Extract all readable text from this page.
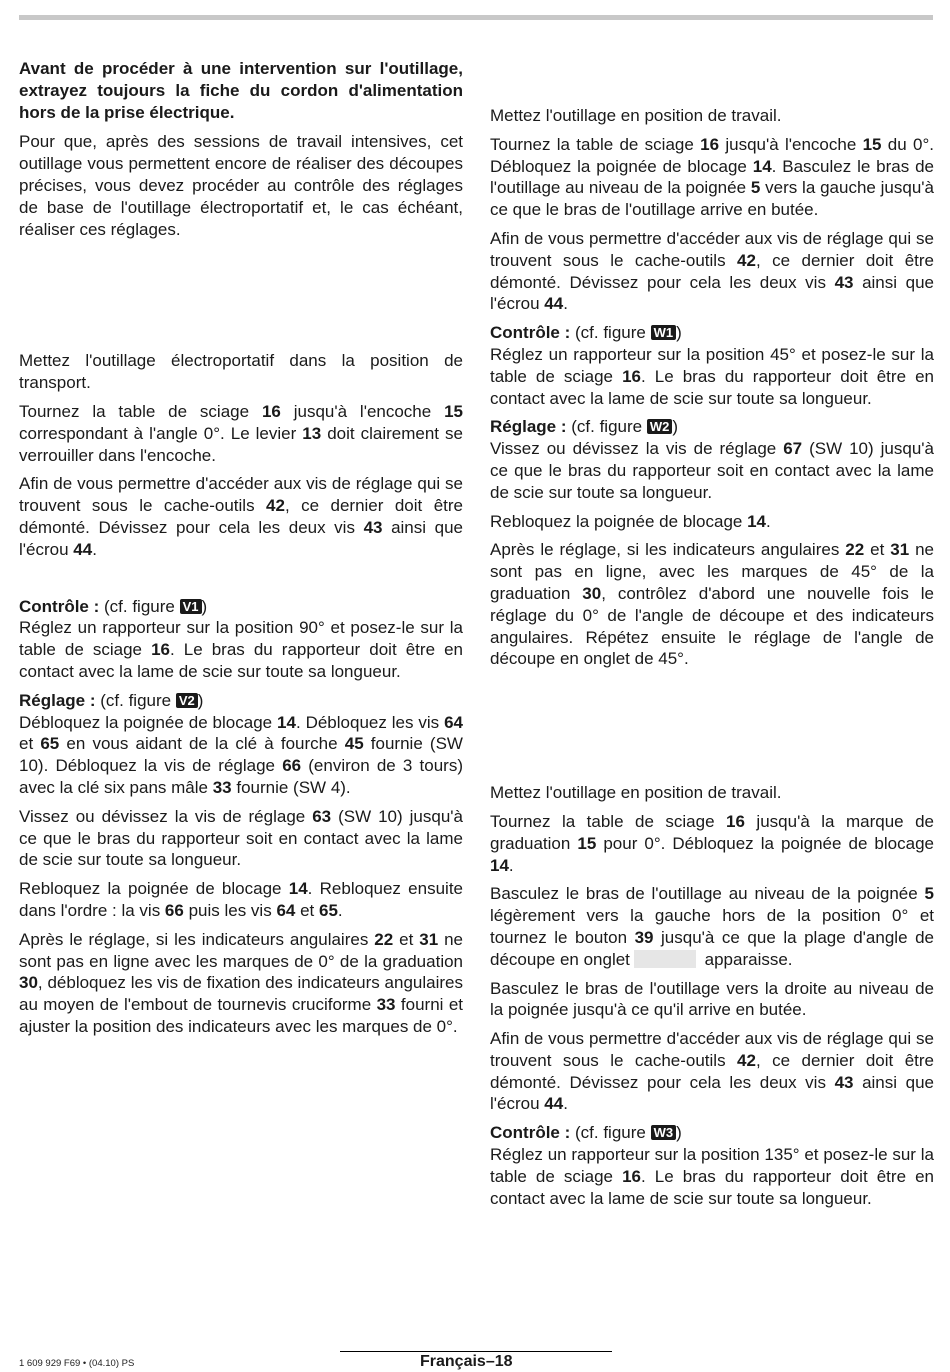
Avant de procéder à une intervention sur l'outillage, extrayez toujours la fiche du cordon d'alimentation hors de la prise électrique.

Pour que, après des sessions de travail intensives, cet outillage vous permettent encore de réaliser des découpes précises, vous devez procéder au contrôle des réglages de base de l'outillage électroportatif et, le cas échéant, réaliser ces réglages.

Mettez l'outillage électroportatif dans la position de transport.

Tournez la table de sciage 16 jusqu'à l'encoche 15 correspondant à l'angle 0°. Le levier 13 doit clairement se verrouiller dans l'encoche.

Afin de vous permettre d'accéder aux vis de réglage qui se trouvent sous le cache-outils 42, ce dernier doit être démonté. Dévissez pour cela les deux vis 43 ainsi que l'écrou 44.

Contrôle : (cf. figure V1 )

Réglez un rapporteur sur la position 90° et posez-le sur la table de sciage 16. Le bras du rapporteur doit être en contact avec la lame de scie sur toute sa longueur.

Réglage : (cf. figure V2 )

Débloquez la poignée de blocage 14. Débloquez les vis 64 et 65 en vous aidant de la clé à fourche 45 fournie (SW 10). Débloquez la vis de réglage 66 (environ de 3 tours) avec la clé six pans mâle 33 fournie (SW 4).

Vissez ou dévissez la vis de réglage 63 (SW 10) jusqu'à ce que le bras du rapporteur soit en contact avec la lame de scie sur toute sa longueur.

Rebloquez la poignée de blocage 14. Rebloquez ensuite dans l'ordre : la vis 66 puis les vis 64 et 65.

Après le réglage, si les indicateurs angulaires 22 et 31 ne sont pas en ligne avec les marques de 0° de la graduation 30, débloquez les vis de fixation des indicateurs angulaires au moyen de l'embout de tournevis cruciforme 33 fourni et ajuster la position des indicateurs avec les marques de 0°.

Mettez l'outillage en position de travail.

Tournez la table de sciage 16 jusqu'à l'encoche 15 du 0°. Débloquez la poignée de blocage 14. Basculez le bras de l'outillage au niveau de la poignée 5 vers la gauche jusqu'à ce que le bras de l'outillage arrive en butée.

Afin de vous permettre d'accéder aux vis de réglage qui se trouvent sous le cache-outils 42, ce dernier doit être démonté. Dévissez pour cela les deux vis 43 ainsi que l'écrou 44.

Contrôle : (cf. figure W1 )

Réglez un rapporteur sur la position 45° et posez-le sur la table de sciage 16. Le bras du rapporteur doit être en contact avec la lame de scie sur toute sa longueur.

Réglage : (cf. figure W2 )

Vissez ou dévissez la vis de réglage 67 (SW 10) jusqu'à ce que le bras du rapporteur soit en contact avec la lame de scie sur toute sa longueur.

Rebloquez la poignée de blocage 14.

Après le réglage, si les indicateurs angulaires 22 et 31 ne sont pas en ligne, avec les marques de 45° de la graduation 30, contrôlez d'abord une nouvelle fois le réglage du 0° de l'angle de découpe et des indicateurs angulaires. Répétez ensuite le réglage de l'angle de découpe en onglet de 45°.

Mettez l'outillage en position de travail.

Tournez la table de sciage 16 jusqu'à la marque de graduation 15 pour 0°. Débloquez la poignée de blocage 14.

Basculez le bras de l'outillage au niveau de la poignée 5 légèrement vers la gauche hors de la position 0° et tournez le bouton 39 jusqu'à ce que la plage d'angle de découpe en onglet	apparaisse.

Basculez le bras de l'outillage vers la droite au niveau de la poignée jusqu'à ce qu'il arrive en butée.

Afin de vous permettre d'accéder aux vis de réglage qui se trouvent sous le cache-outils 42, ce dernier doit être démonté. Dévissez pour cela les deux vis 43 ainsi que l'écrou 44.

Contrôle : (cf. figure W3 )

Réglez un rapporteur sur la position 135° et posez-le sur la table de sciage 16. Le bras du rapporteur doit être en contact avec la lame de scie sur toute sa longueur.

1 609 929 F69 • (04.10) PS	Français–18
